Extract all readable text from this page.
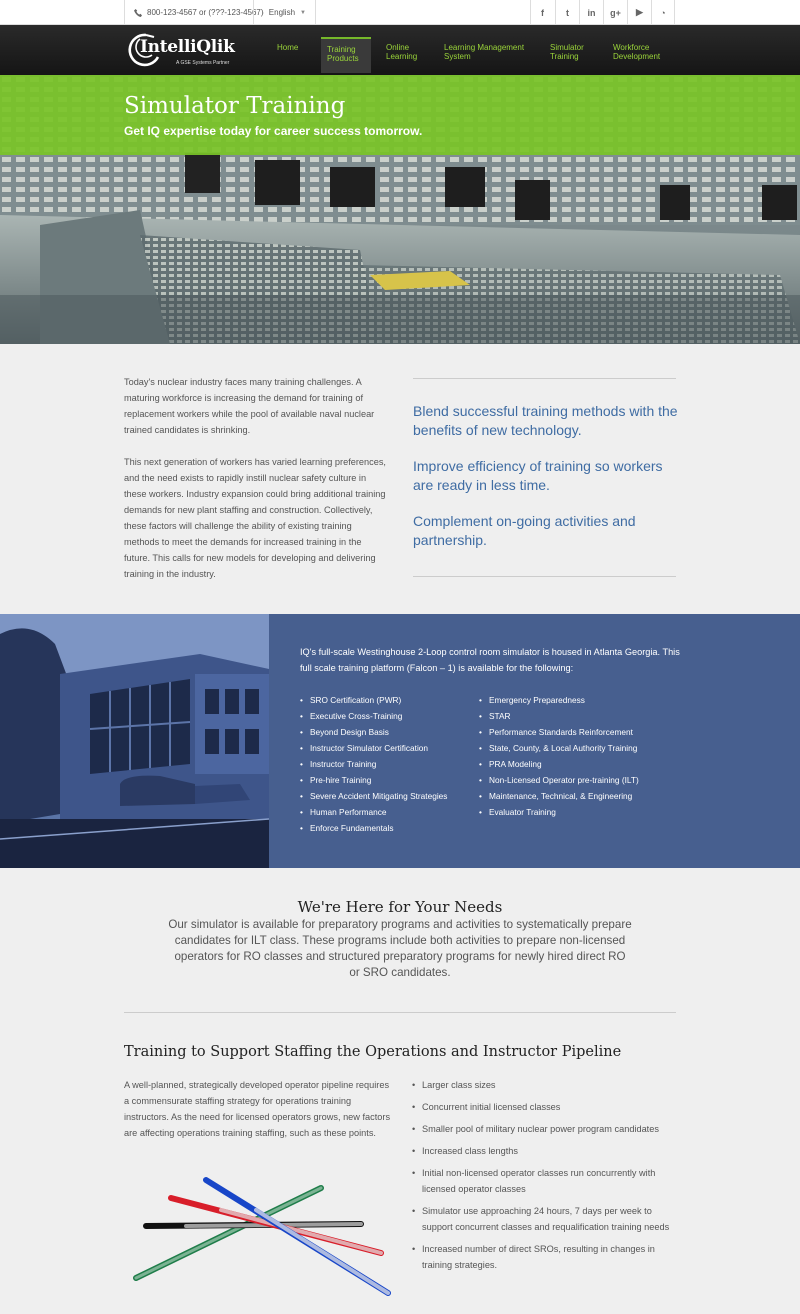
800-123-4567 or (???-123-4567) English ▼	f	t	in	g+	▶	◔
IntelliQlik
A GSE Systems Partner
Home	Training Products
Online Learning
Learning Management System
Simulator Training
Workforce Development
Simulator Training
Get IQ expertise today for career success tomorrow.

Today's nuclear industry faces many training challenges. A maturing workforce is increasing the demand for training of replacement workers while the pool of available naval nuclear trained candidates is shrinking.

This next generation of workers has varied learning preferences, and the need exists to rapidly instill nuclear safety culture in these workers. Industry expansion could bring additional training demands for new plant staffing and construction. Collectively, these factors will challenge the ability of existing training methods to meet the demands for increased training in the future. This calls for new models for developing and delivering training in the industry.

Blend successful training methods with the benefits of new technology.

Improve efficiency of training so workers are ready in less time.

Complement on-going activities and partnership.

IQ's full-scale Westinghouse 2-Loop control room simulator is housed in Atlanta Georgia. This full scale training platform (Falcon – 1) is available for the following:

• SRO Certification (PWR)
• Executive Cross-Training
• Beyond Design Basis
• Instructor Simulator Certification
• Instructor Training
• Pre-hire Training
• Severe Accident Mitigating Strategies
• Human Performance
• Enforce Fundamentals
• Emergency Preparedness
• STAR
• Performance Standards Reinforcement
• State, County, & Local Authority Training
• PRA Modeling
• Non-Licensed Operator pre-training (ILT)
• Maintenance, Technical, & Engineering
• Evaluator Training
We're Here for Your Needs

Our simulator is available for preparatory programs and activities to systematically prepare candidates for ILT class. These programs include both activities to prepare non-licensed operators for RO classes and structured preparatory programs for newly hired direct RO or SRO candidates.

Training to Support Staffing the Operations and Instructor Pipeline

A well-planned, strategically developed operator pipeline requires a commensurate staffing strategy for operations training instructors. As the need for licensed operators grows, new factors are affecting operations training staffing, such as these points.

• Larger class sizes
• Concurrent initial licensed classes
• Smaller pool of military nuclear power program candidates
• Increased class lengths
• Initial non-licensed operator classes run concurrently with licensed operator classes
• Simulator use approaching 24 hours, 7 days per week to support concurrent classes and requalification training needs
• Increased number of direct SROs, resulting in changes in training strategies.
